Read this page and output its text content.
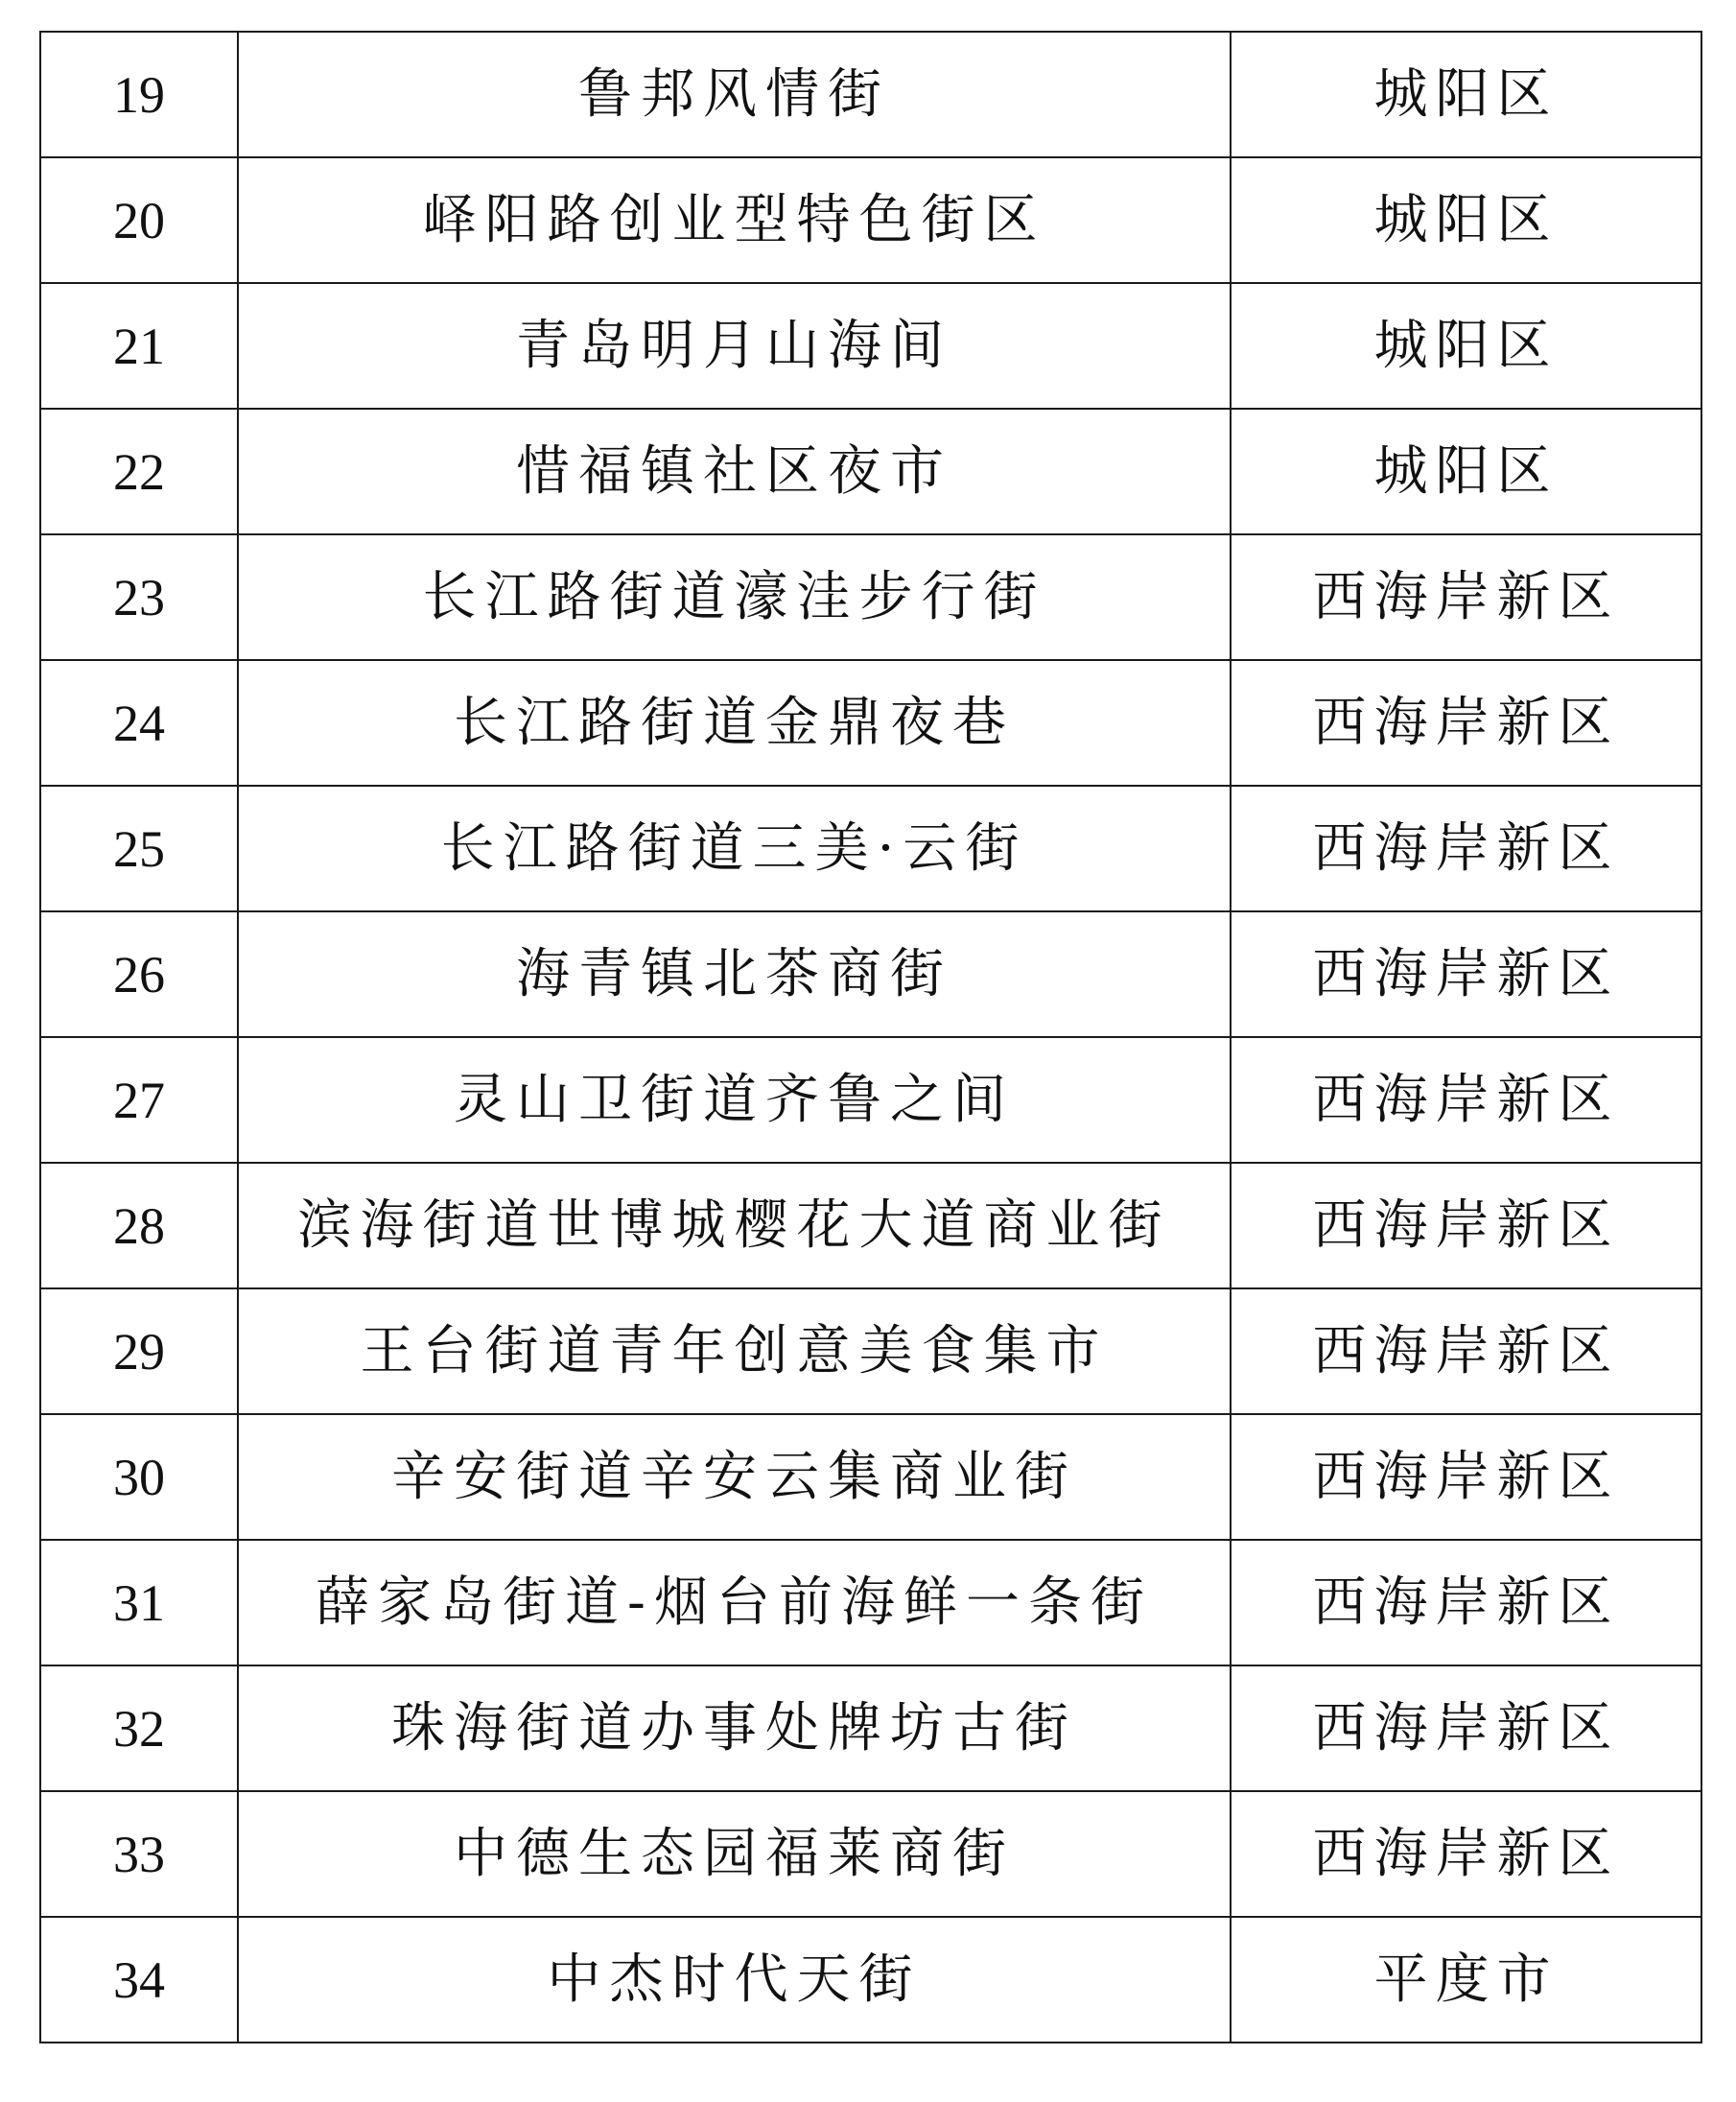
19	鲁邦风情街	城阳区
20	峄阳路创业型特色街区	城阳区
21	青岛明月山海间	城阳区
22	惜福镇社区夜市	城阳区
23	长江路街道濠洼步行街	西海岸新区
24	长江路街道金鼎夜巷	西海岸新区
25	长江路街道三美·云街	西海岸新区
26	海青镇北茶商街	西海岸新区
27	灵山卫街道齐鲁之间	西海岸新区
28	滨海街道世博城樱花大道商业街	西海岸新区
29	王台街道青年创意美食集市	西海岸新区
30	辛安街道辛安云集商业街	西海岸新区
31	薛家岛街道-烟台前海鲜一条街	西海岸新区
32	珠海街道办事处牌坊古街	西海岸新区
33	中德生态园福莱商街	西海岸新区
34	中杰时代天街	平度市
